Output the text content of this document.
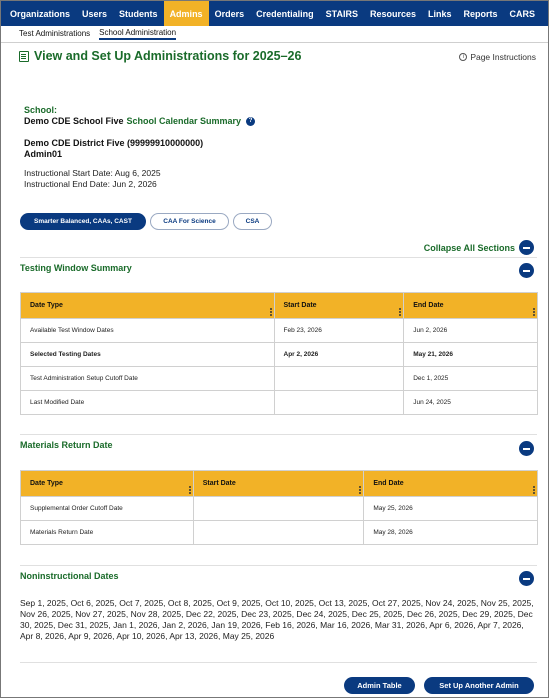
Organizations	Users	Students	Admins	Orders	Credentialing	STAIRS	Resources	Links	Reports	CARS
Test Administrations School Administration
View and Set Up Administrations for 2025–26	i Page Instructions
School:
Demo CDE School Five School Calendar Summary	?
Demo CDE District Five (99999910000000)
Admin01
Instructional Start Date: Aug 6, 2025
Instructional End Date: Jun 2, 2026
Smarter Balanced, CAAs, CAST	CAA For Science	CSA
Collapse All Sections
Testing Window Summary
Date Type	Start Date	End Date

Available Test Window Dates	Feb 23, 2026	Jun 2, 2026
Selected Testing Dates	Apr 2, 2026	May 21, 2026
Test Administration Setup Cutoff Date		Dec 1, 2025
Last Modified Date		Jun 24, 2025
Materials Return Date
Date Type	Start Date	End Date

Supplemental Order Cutoff Date		May 25, 2026
Materials Return Date		May 28, 2026
Noninstructional Dates
Sep 1, 2025, Oct 6, 2025, Oct 7, 2025, Oct 8, 2025, Oct 9, 2025, Oct 10, 2025, Oct 13, 2025, Oct 27, 2025, Nov 24, 2025, Nov 25, 2025, Nov 26, 2025, Nov 27, 2025, Nov 28, 2025, Dec 22, 2025, Dec 23, 2025, Dec 24, 2025, Dec 25, 2025, Dec 26, 2025, Dec 29, 2025, Dec 30, 2025, Dec 31, 2025, Jan 1, 2026, Jan 2, 2026, Jan 19, 2026, Feb 16, 2026, Mar 16, 2026, Mar 31, 2026, Apr 6, 2026, Apr 7, 2026, Apr 8, 2026, Apr 9, 2026, Apr 10, 2026, Apr 13, 2026, May 25, 2026
Admin Table	Set Up Another Admin
